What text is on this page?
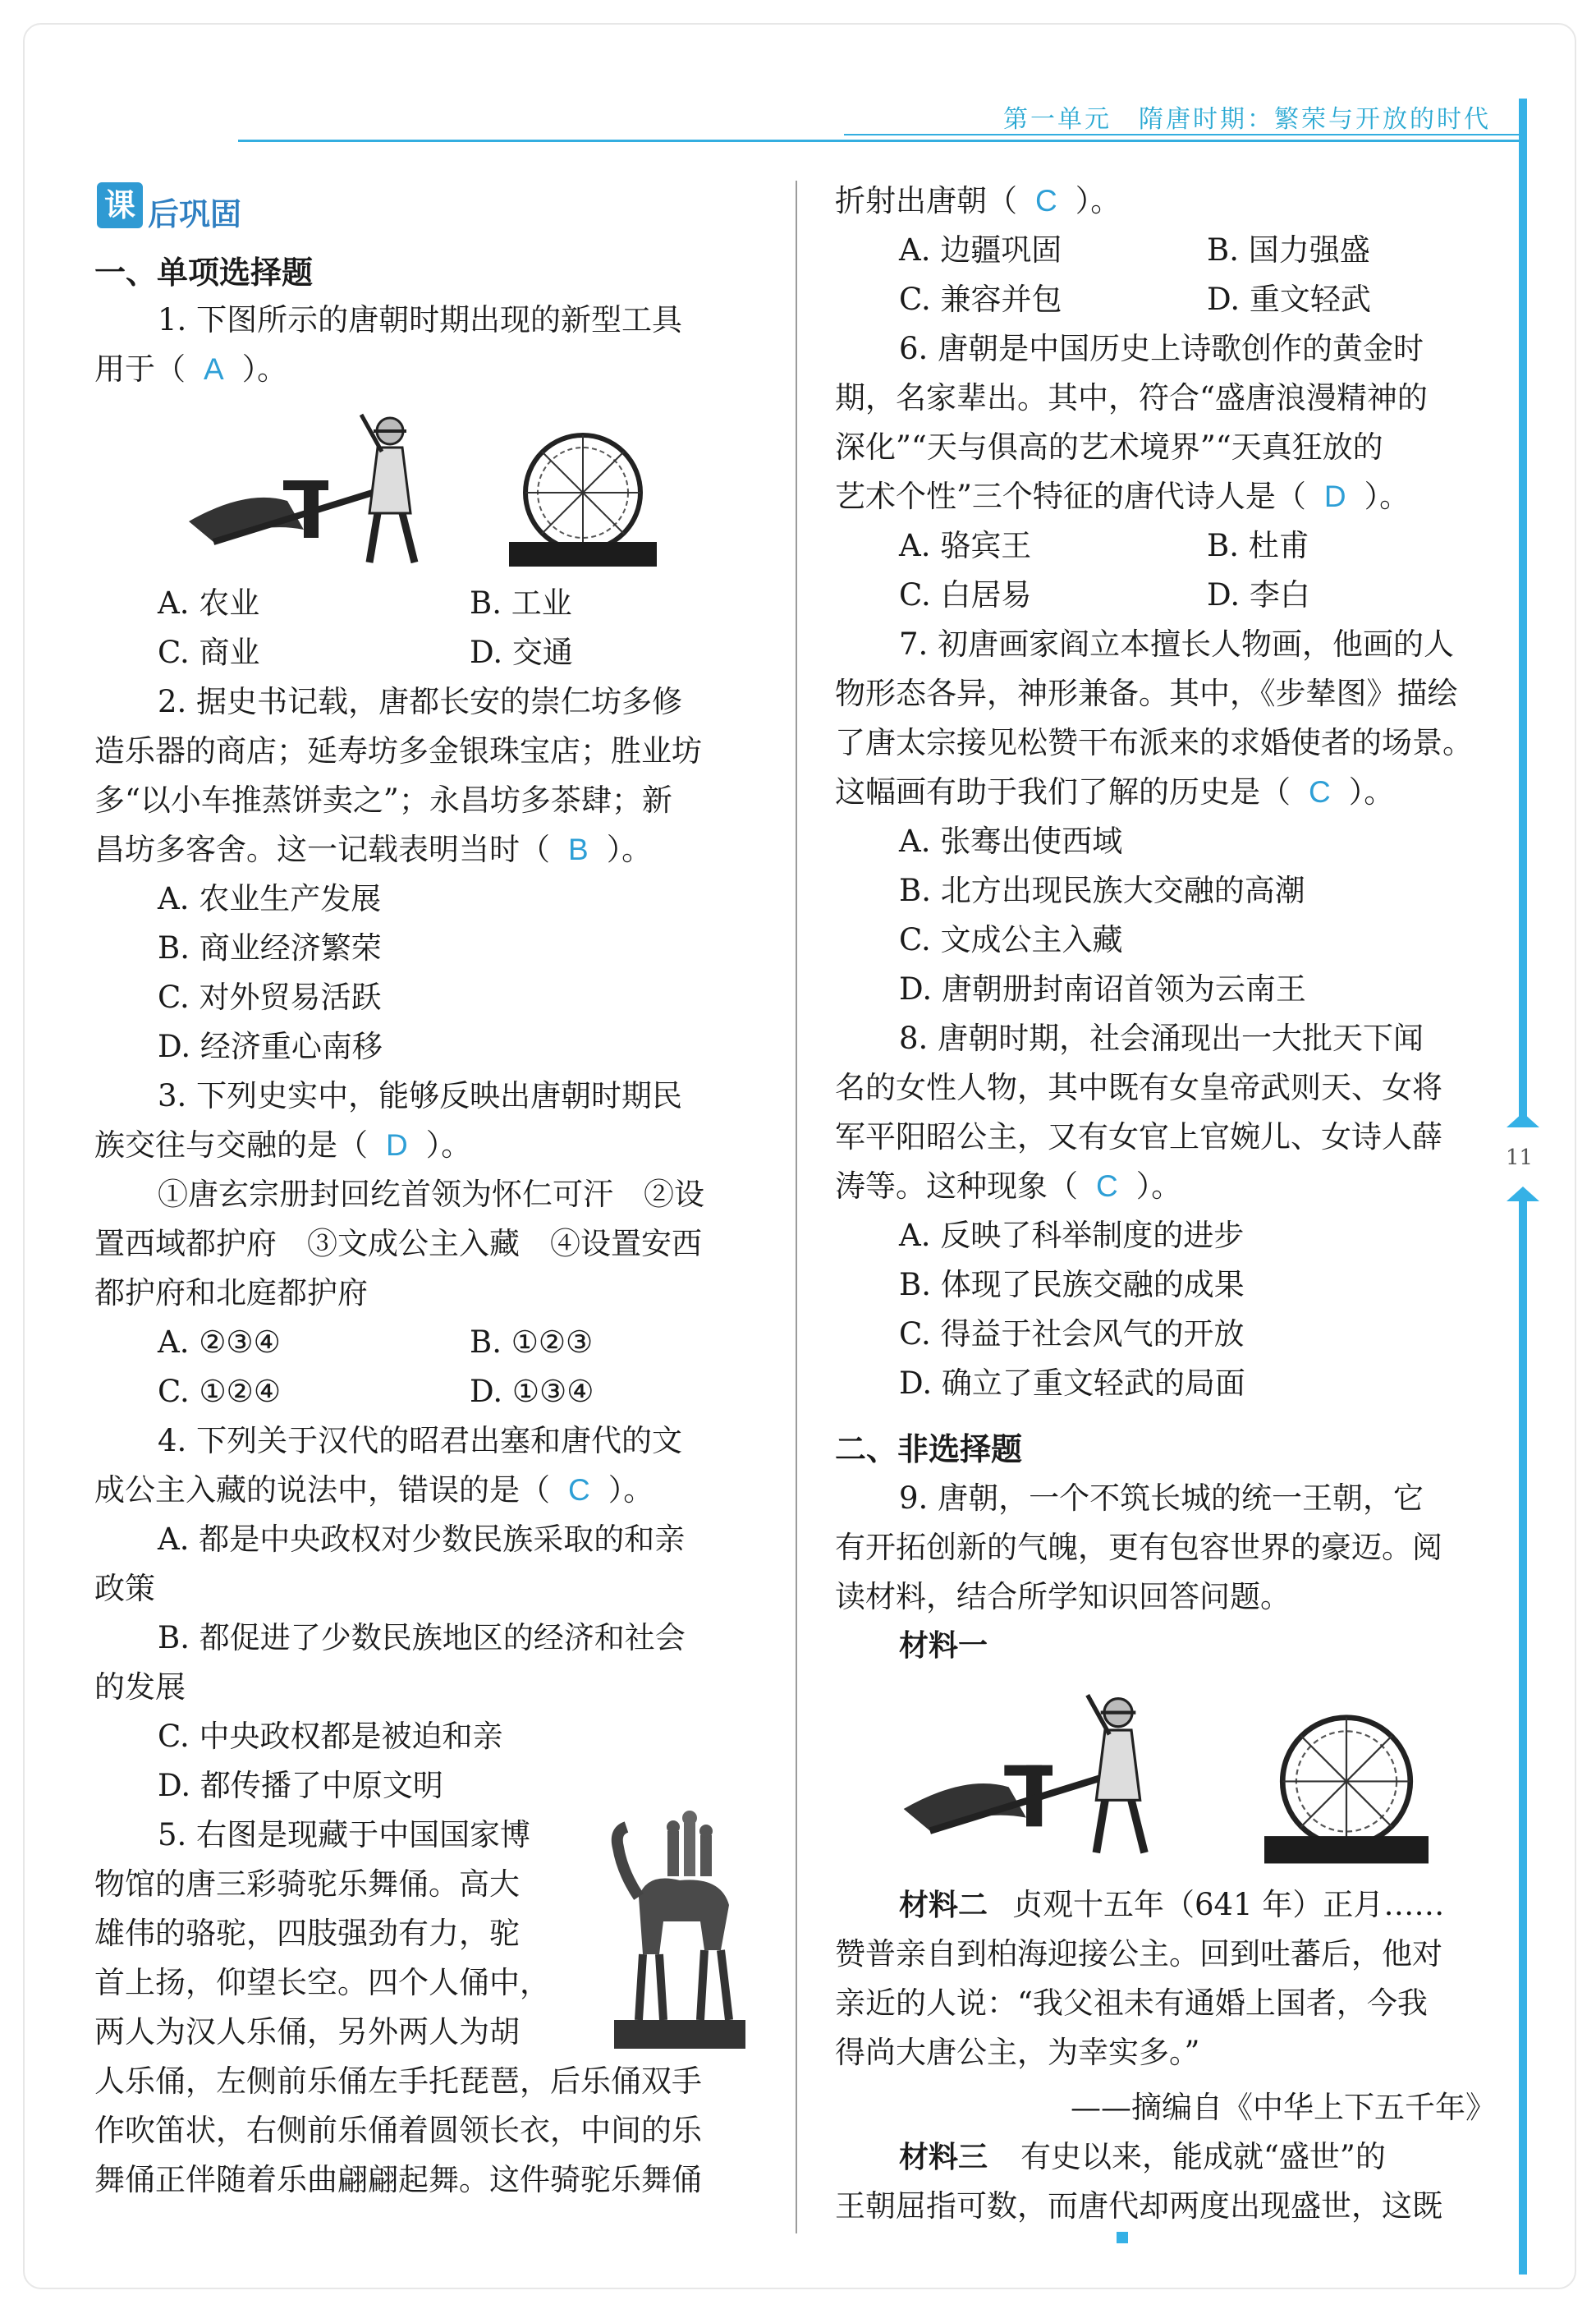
第一单元　隋唐时期：繁荣与开放的时代
11
课 后巩固
一、单项选择题
1. 下图所示的唐朝时期出现的新型工具
用于（ A ）。
A. 农业	B. 工业
C. 商业	D. 交通
2. 据史书记载，唐都长安的崇仁坊多修
造乐器的商店；延寿坊多金银珠宝店；胜业坊
多“以小车推蒸饼卖之”；永昌坊多茶肆；新
昌坊多客舍。这一记载表明当时（ B ）。
A. 农业生产发展
B. 商业经济繁荣
C. 对外贸易活跃
D. 经济重心南移
3. 下列史实中，能够反映出唐朝时期民
族交往与交融的是（ D ）。
①唐玄宗册封回纥首领为怀仁可汗　②设
置西域都护府　③文成公主入藏　④设置安西
都护府和北庭都护府
A. ②③④	B. ①②③
C. ①②④	D. ①③④
4. 下列关于汉代的昭君出塞和唐代的文
成公主入藏的说法中，错误的是（ C ）。
A. 都是中央政权对少数民族采取的和亲
政策
B. 都促进了少数民族地区的经济和社会
的发展
C. 中央政权都是被迫和亲
D. 都传播了中原文明
5. 右图是现藏于中国国家博
物馆的唐三彩骑驼乐舞俑。高大
雄伟的骆驼，四肢强劲有力，驼
首上扬，仰望长空。四个人俑中，
两人为汉人乐俑，另外两人为胡
人乐俑，左侧前乐俑左手托琵琶，后乐俑双手
作吹笛状，右侧前乐俑着圆领长衣，中间的乐
舞俑正伴随着乐曲翩翩起舞。这件骑驼乐舞俑
折射出唐朝（ C ）。
A. 边疆巩固	B. 国力强盛
C. 兼容并包	D. 重文轻武
6. 唐朝是中国历史上诗歌创作的黄金时
期，名家辈出。其中，符合“盛唐浪漫精神的
深化”“天与俱高的艺术境界”“天真狂放的
艺术个性”三个特征的唐代诗人是（ D ）。
A. 骆宾王	B. 杜甫
C. 白居易	D. 李白
7. 初唐画家阎立本擅长人物画，他画的人
物形态各异，神形兼备。其中，《步辇图》描绘
了唐太宗接见松赞干布派来的求婚使者的场景。
这幅画有助于我们了解的历史是（ C ）。
A. 张骞出使西域
B. 北方出现民族大交融的高潮
C. 文成公主入藏
D. 唐朝册封南诏首领为云南王
8. 唐朝时期，社会涌现出一大批天下闻
名的女性人物，其中既有女皇帝武则天、女将
军平阳昭公主，又有女官上官婉儿、女诗人薛
涛等。这种现象（ C ）。
A. 反映了科举制度的进步
B. 体现了民族交融的成果
C. 得益于社会风气的开放
D. 确立了重文轻武的局面
二、非选择题
9. 唐朝，一个不筑长城的统一王朝，它
有开拓创新的气魄，更有包容世界的豪迈。阅
读材料，结合所学知识回答问题。
材料一
材料二 贞观十五年（641 年）正月……
赞普亲自到柏海迎接公主。回到吐蕃后，他对
亲近的人说：“我父祖未有通婚上国者，今我
得尚大唐公主，为幸实多。”
——摘编自《中华上下五千年》
材料三 有史以来，能成就“盛世”的
王朝屈指可数，而唐代却两度出现盛世，这既
